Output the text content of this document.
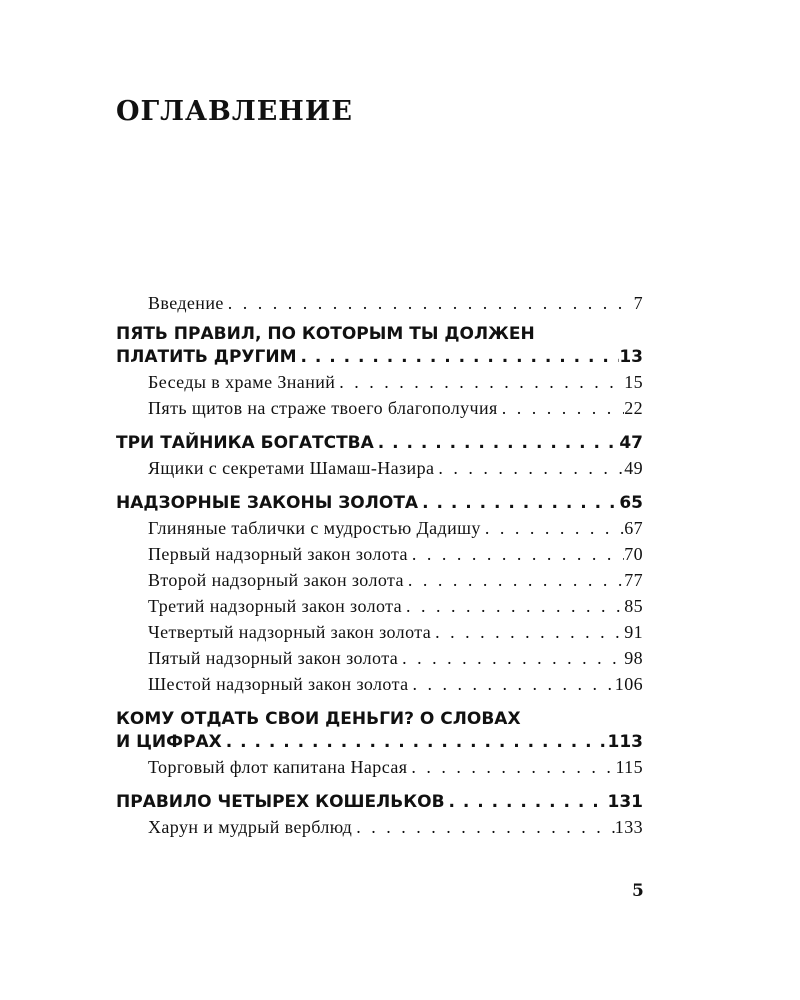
ОГЛАВЛЕНИЕ
Введение . . .	7
ПЯТЬ ПРАВИЛ, ПО КОТОРЫМ ТЫ ДОЛЖЕН
ПЛАТИТЬ ДРУГИМ . . .	13
Беседы в храме Знаний . . .	15
Пять щитов на страже твоего благополучия . . .	22
ТРИ ТАЙНИКА БОГАТСТВА . . .	47
Ящики с секретами Шамаш-Назира . . .	49
НАДЗОРНЫЕ ЗАКОНЫ ЗОЛОТА . . .	65
Глиняные таблички с мудростью Дадишу . . .	67
Первый надзорный закон золота . . .	70
Второй надзорный закон золота . . .	77
Третий надзорный закон золота . . .	85
Четвертый надзорный закон золота . . .	91
Пятый надзорный закон золота . . .	98
Шестой надзорный закон золота . . .	106
КОМУ ОТДАТЬ СВОИ ДЕНЬГИ? О СЛОВАХ
И ЦИФРАХ . . .	113
Торговый флот капитана Нарсая . . .	115
ПРАВИЛО ЧЕТЫРЕХ КОШЕЛЬКОВ . . .	131
Харун и мудрый верблюд . . .	133
5
